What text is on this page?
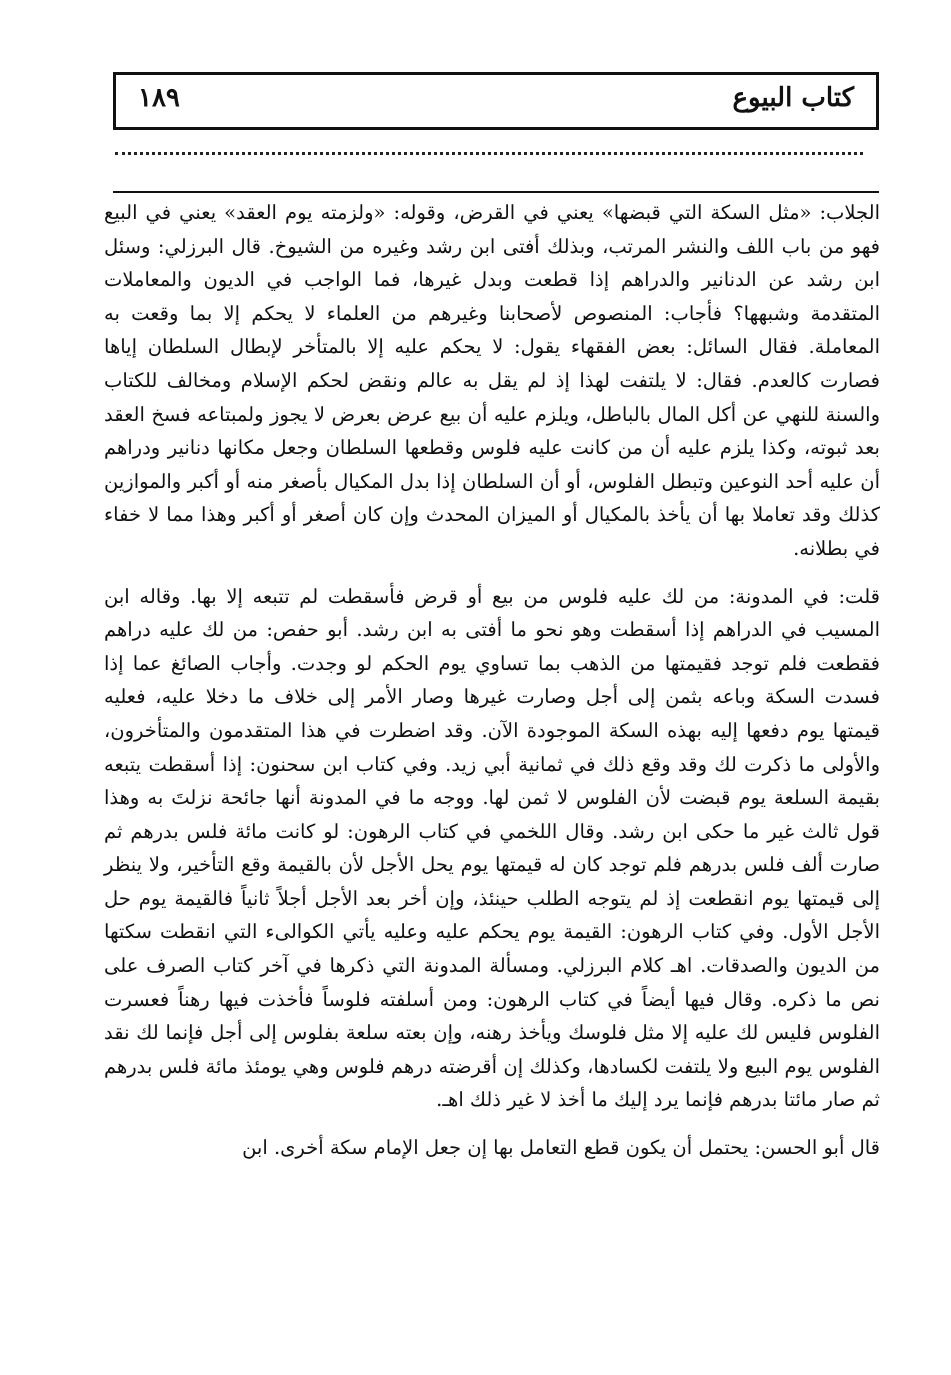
كتاب البيوع
١٨٩

الجلاب: «مثل السكة التي قبضها» يعني في القرض، وقوله: «ولزمته يوم العقد» يعني في البيع فهو من باب اللف والنشر المرتب، وبذلك أفتى ابن رشد وغيره من الشيوخ. قال البرزلي: وسئل ابن رشد عن الدنانير والدراهم إذا قطعت وبدل غيرها، فما الواجب في الديون والمعاملات المتقدمة وشبهها؟ فأجاب: المنصوص لأصحابنا وغيرهم من العلماء لا يحكم إلا بما وقعت به المعاملة. فقال السائل: بعض الفقهاء يقول: لا يحكم عليه إلا بالمتأخر لإبطال السلطان إياها فصارت كالعدم. فقال: لا يلتفت لهذا إذ لم يقل به عالم ونقض لحكم الإسلام ومخالف للكتاب والسنة للنهي عن أكل المال بالباطل، ويلزم عليه أن بيع عرض بعرض لا يجوز ولمبتاعه فسخ العقد بعد ثبوته، وكذا يلزم عليه أن من كانت عليه فلوس وقطعها السلطان وجعل مكانها دنانير ودراهم أن عليه أحد النوعين وتبطل الفلوس، أو أن السلطان إذا بدل المكيال بأصغر منه أو أكبر والموازين كذلك وقد تعاملا بها أن يأخذ بالمكيال أو الميزان المحدث وإن كان أصغر أو أكبر وهذا مما لا خفاء في بطلانه.

قلت: في المدونة: من لك عليه فلوس من بيع أو قرض فأسقطت لم تتبعه إلا بها. وقاله ابن المسيب في الدراهم إذا أسقطت وهو نحو ما أفتى به ابن رشد. أبو حفص: من لك عليه دراهم فقطعت فلم توجد فقيمتها من الذهب بما تساوي يوم الحكم لو وجدت. وأجاب الصائغ عما إذا فسدت السكة وباعه بثمن إلى أجل وصارت غيرها وصار الأمر إلى خلاف ما دخلا عليه، فعليه قيمتها يوم دفعها إليه بهذه السكة الموجودة الآن. وقد اضطرت في هذا المتقدمون والمتأخرون، والأولى ما ذكرت لك وقد وقع ذلك في ثمانية أبي زيد. وفي كتاب ابن سحنون: إذا أسقطت يتبعه بقيمة السلعة يوم قبضت لأن الفلوس لا ثمن لها. ووجه ما في المدونة أنها جائحة نزلتَ به وهذا قول ثالث غير ما حكى ابن رشد. وقال اللخمي في كتاب الرهون: لو كانت مائة فلس بدرهم ثم صارت ألف فلس بدرهم فلم توجد كان له قيمتها يوم يحل الأجل لأن بالقيمة وقع التأخير، ولا ينظر إلى قيمتها يوم انقطعت إذ لم يتوجه الطلب حينئذ، وإن أخر بعد الأجل أجلاً ثانياً فالقيمة يوم حل الأجل الأول. وفي كتاب الرهون: القيمة يوم يحكم عليه وعليه يأتي الكوالىء التي انقطت سكتها من الديون والصدقات. اهـ كلام البرزلي. ومسألة المدونة التي ذكرها في آخر كتاب الصرف على نص ما ذكره. وقال فيها أيضاً في كتاب الرهون: ومن أسلفته فلوساً فأخذت فيها رهناً فعسرت الفلوس فليس لك عليه إلا مثل فلوسك ويأخذ رهنه، وإن بعته سلعة بفلوس إلى أجل فإنما لك نقد الفلوس يوم البيع ولا يلتفت لكسادها، وكذلك إن أقرضته درهم فلوس وهي يومئذ مائة فلس بدرهم ثم صار مائتا بدرهم فإنما يرد إليك ما أخذ لا غير ذلك اهـ.

قال أبو الحسن: يحتمل أن يكون قطع التعامل بها إن جعل الإمام سكة أخرى. ابن
